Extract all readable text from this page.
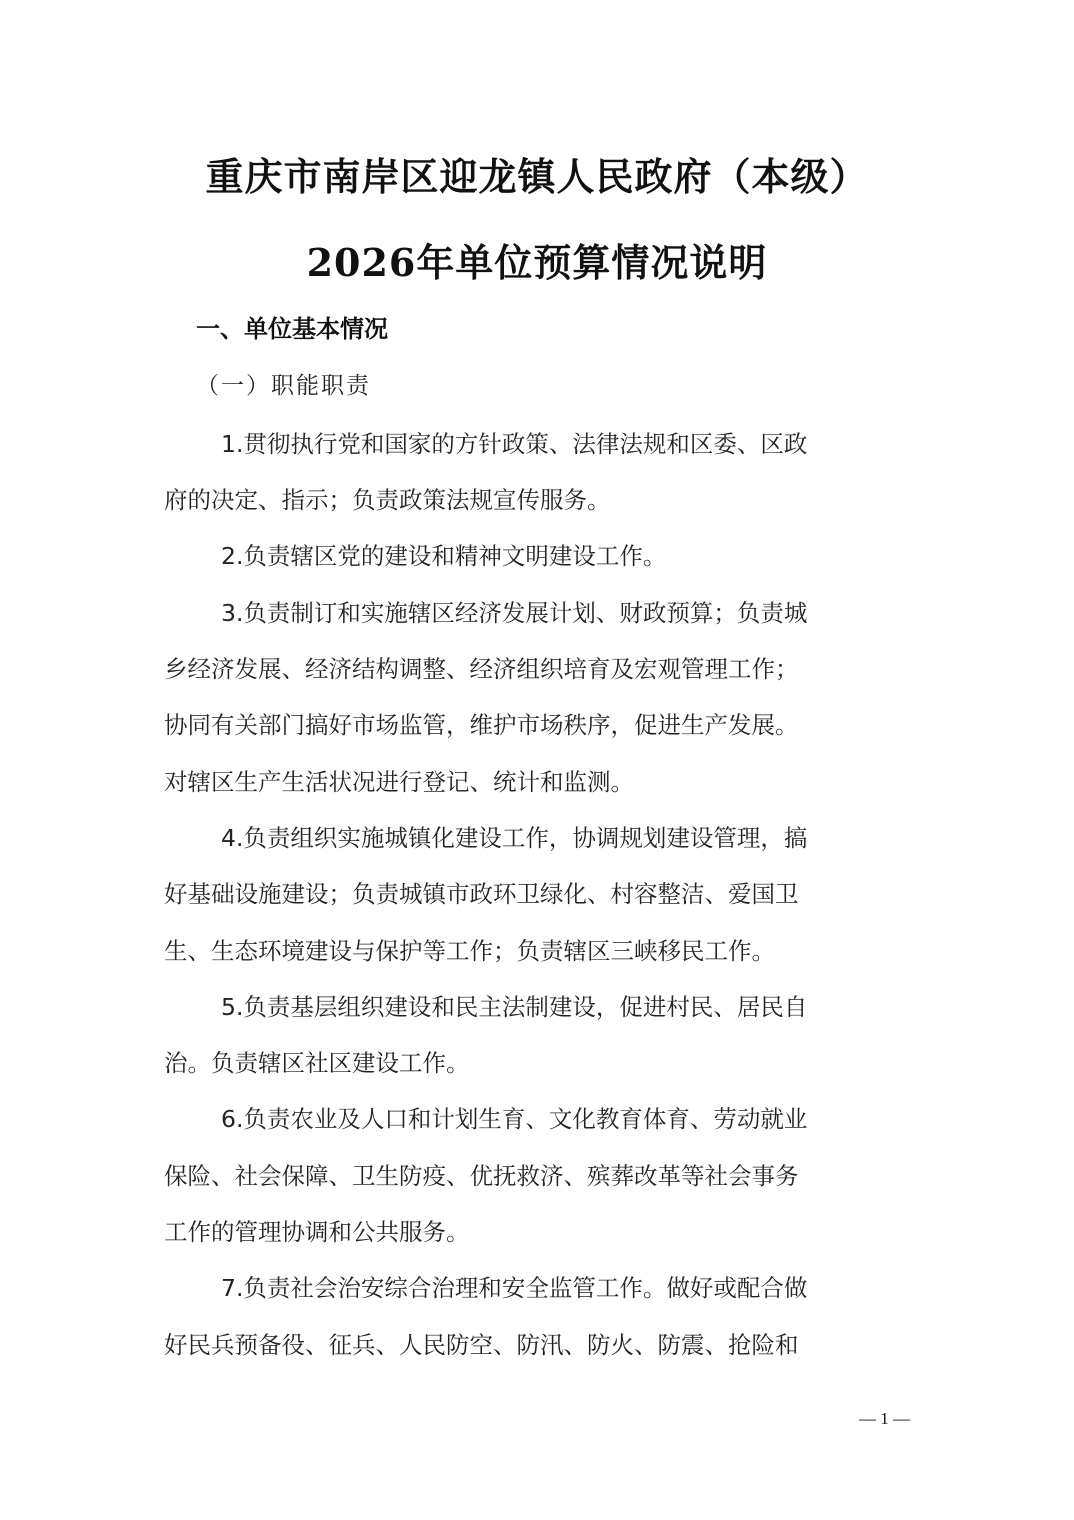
重庆市南岸区迎龙镇人民政府（本级）
2026年单位预算情况说明
一、单位基本情况
（一）职能职责
1.贯彻执行党和国家的方针政策、法律法规和区委、区政
府的决定、指示；负责政策法规宣传服务。
2.负责辖区党的建设和精神文明建设工作。
3.负责制订和实施辖区经济发展计划、财政预算；负责城
乡经济发展、经济结构调整、经济组织培育及宏观管理工作；
协同有关部门搞好市场监管，维护市场秩序，促进生产发展。
对辖区生产生活状况进行登记、统计和监测。
4.负责组织实施城镇化建设工作，协调规划建设管理，搞
好基础设施建设；负责城镇市政环卫绿化、村容整洁、爱国卫
生、生态环境建设与保护等工作；负责辖区三峡移民工作。
5.负责基层组织建设和民主法制建设，促进村民、居民自
治。负责辖区社区建设工作。
6.负责农业及人口和计划生育、文化教育体育、劳动就业
保险、社会保障、卫生防疫、优抚救济、殡葬改革等社会事务
工作的管理协调和公共服务。
7.负责社会治安综合治理和安全监管工作。做好或配合做
好民兵预备役、征兵、人民防空、防汛、防火、防震、抢险和
— 1 —
